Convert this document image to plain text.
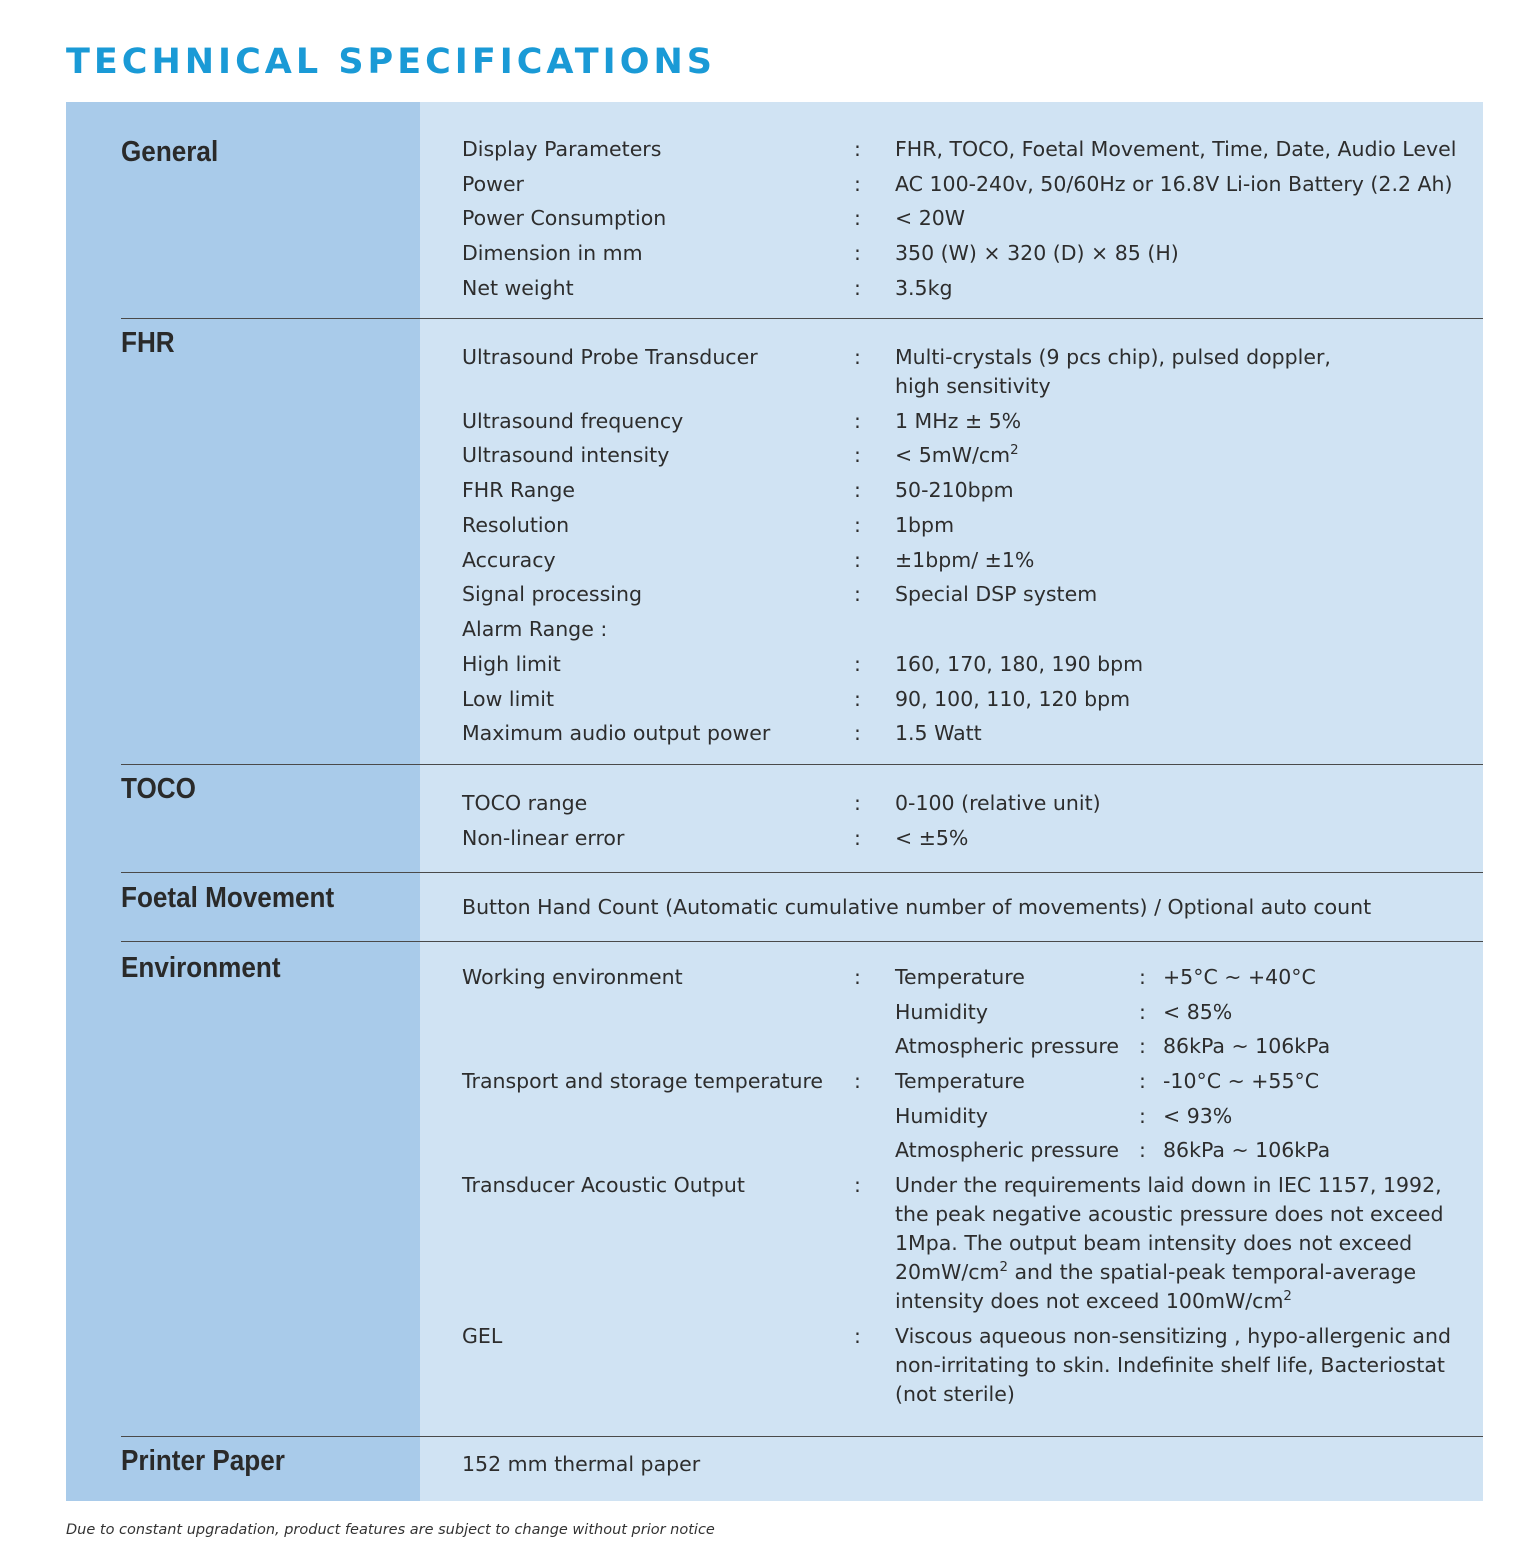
TECHNICAL SPECIFICATIONS
General	Display Parameters	: FHR, TOCO, Foetal Movement, Time, Date, Audio Level
Power	: AC 100-240v, 50/60Hz or 16.8V Li-ion Battery (2.2 Ah)
Power Consumption	: < 20W
Dimension in mm	: 350 (W) × 320 (D) × 85 (H)
Net weight	: 3.5kg
FHR	Ultrasound Probe Transducer	: Multi-crystals (9 pcs chip), pulsed doppler, high sensitivity
Ultrasound frequency	: 1 MHz ± 5%
Ultrasound intensity	: < $5mW/cm^2$
FHR Range	: 50-210bpm
Resolution	: 1bpm
Accuracy	: ±1bpm/ ±1%
Signal processing	: Special DSP system
Alarm Range :
High limit	: 160, 170, 180, 190 bpm
Low limit	: 90, 100, 110, 120 bpm
Maximum audio output power	: 1.5 Watt
TOCO	TOCO range	: 0-100 (relative unit)
Non-linear error	: < ±5%
Foetal Movement	Button Hand Count (Automatic cumulative number of movements) / Optional auto count
Environment	Working environment	: Temperature	: +5°C ~ +40°C
Humidity	: < 85%
Atmospheric pressure : 86kPa ~ 106kPa
Transport and storage temperature : Temperature	: -10°C ~ +55°C
Humidity	: < 93%
Atmospheric pressure : 86kPa ~ 106kPa
Transducer Acoustic Output	: Under the requirements laid down in IEC 1157, 1992, the peak negative acoustic pressure does not exceed 1Mpa. The output beam intensity does not exceed $20mW/cm^2$ and the spatial-peak temporal-average intensity does not exceed $100mW/cm^2$
GEL	: Viscous aqueous non-sensitizing , hypo-allergenic and non-irritating to skin. Indefinite shelf life, Bacteriostat (not sterile)
Printer Paper	152 mm thermal paper
Due to constant upgradation, product features are subject to change without prior notice
